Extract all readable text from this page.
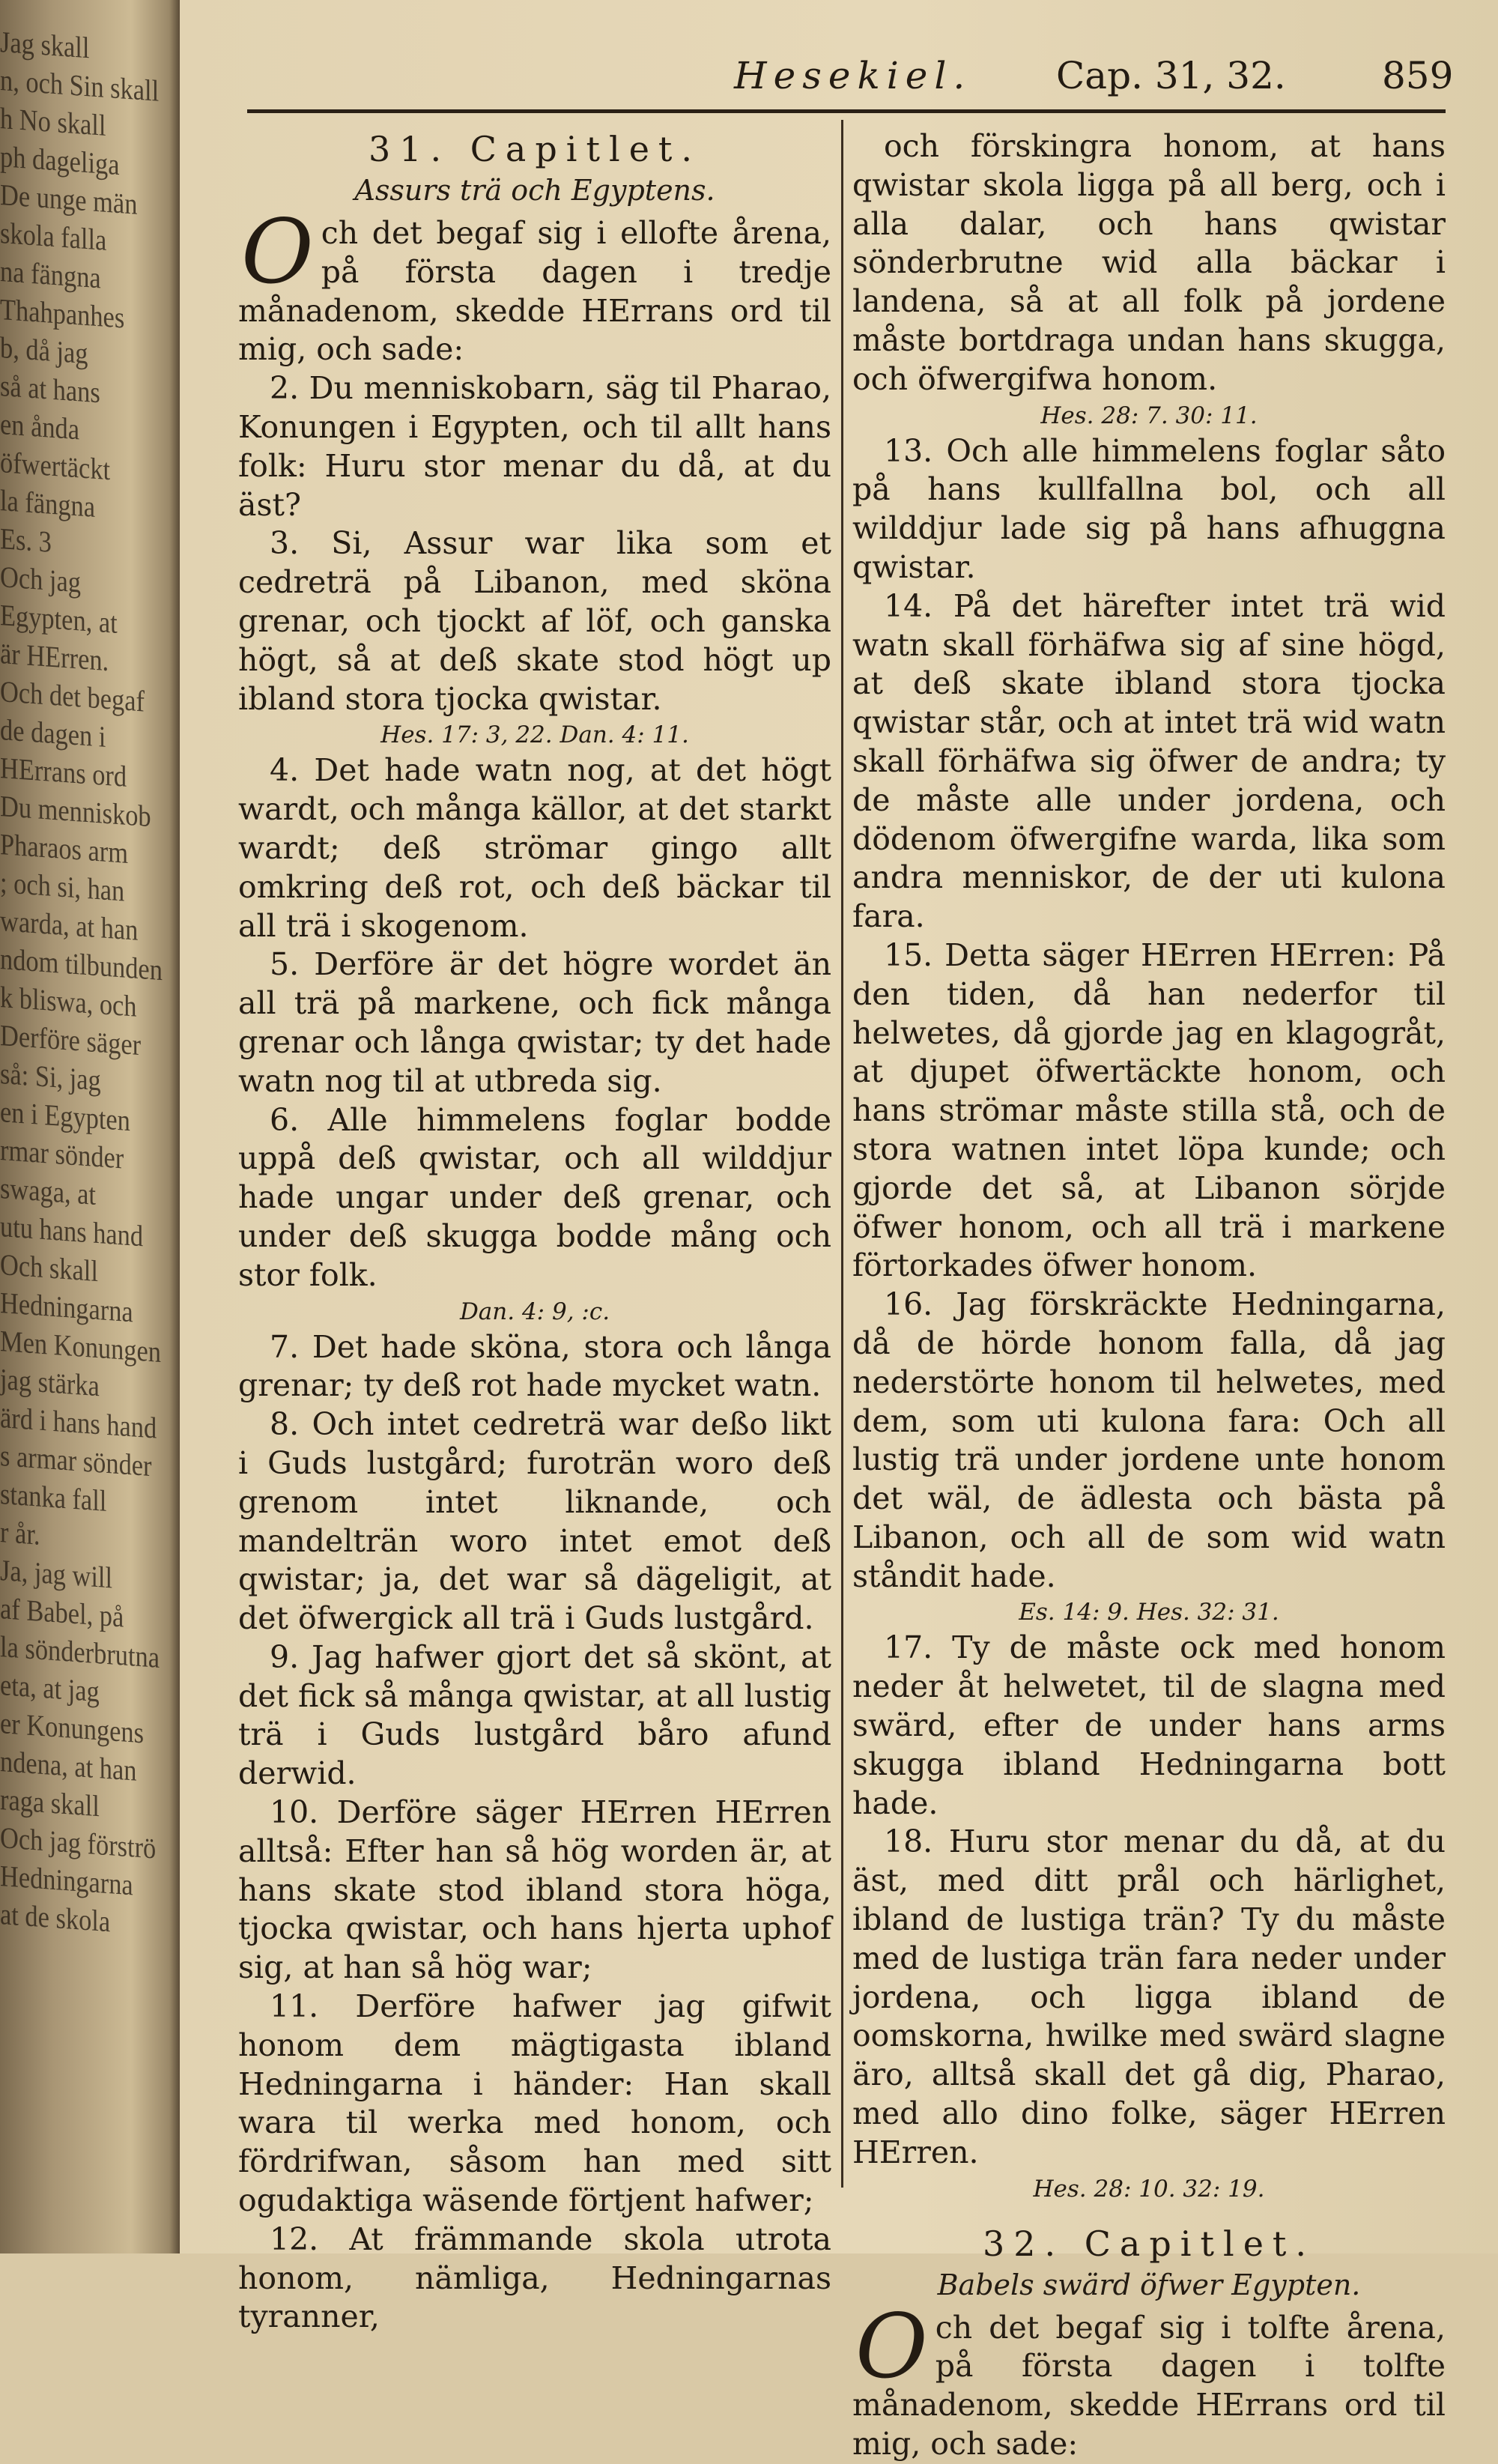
Jag skall
n, och Sin skall
h No skall
ph dageliga
De unge män
skola falla
na fängna
Thahpanhes
b, då jag
så at hans
en ånda
öfwertäckt
la fängna
Es. 3
Och jag
Egypten, at
är HErren.
Och det begaf
de dagen i
HErrans ord
Du menniskob
Pharaos arm
; och si, han
warda, at han
ndom tilbunden
k bliswa, och
Derföre säger
så: Si, jag
en i Egypten
rmar sönder
swaga, at
utu hans hand
Och skall
Hedningarna
Men Konungen
jag stärka
ärd i hans hand
s armar sönder
stanka fall
r år.
Ja, jag will
af Babel, på
la sönderbrutna
eta, at jag
er Konungens
ndena, at han
raga skall
Och jag förströ
Hedningarna
at de skola
Hesekiel. Cap. 31, 32.	859

31. Capitlet.

Assurs trä och Egyptens.

Och det begaf sig i ellofte årena, på första dagen i tredje månadenom, skedde HErrans ord til mig, och sade:

2. Du menniskobarn, säg til Pharao, Konungen i Egypten, och til allt hans folk: Huru stor menar du då, at du äst?

3. Si, Assur war lika som et cedreträ på Libanon, med sköna grenar, och tjockt af löf, och ganska högt, så at deß skate stod högt up ibland stora tjocka qwistar.

Hes. 17: 3, 22. Dan. 4: 11.

4. Det hade watn nog, at det högt wardt, och många källor, at det starkt wardt; deß strömar gingo allt omkring deß rot, och deß bäckar til all trä i skogenom.

5. Derföre är det högre wordet än all trä på markene, och fick många grenar och långa qwistar; ty det hade watn nog til at utbreda sig.

6. Alle himmelens foglar bodde uppå deß qwistar, och all wilddjur hade ungar under deß grenar, och under deß skugga bodde mång och stor folk.

Dan. 4: 9, :c.

7. Det hade sköna, stora och långa grenar; ty deß rot hade mycket watn.

8. Och intet cedreträ war deßo likt i Guds lustgård; furoträn woro deß grenom intet liknande, och mandelträn woro intet emot deß qwistar; ja, det war så dägeligit, at det öfwergick all trä i Guds lustgård.

9. Jag hafwer gjort det så skönt, at det fick så många qwistar, at all lustig trä i Guds lustgård båro afund derwid.

10. Derföre säger HErren HErren alltså: Efter han så hög worden är, at hans skate stod ibland stora höga, tjocka qwistar, och hans hjerta uphof sig, at han så hög war;

11. Derföre hafwer jag gifwit honom dem mägtigasta ibland Hedningarna i händer: Han skall wara til werka med honom, och fördrifwan, såsom han med sitt ogudaktiga wäsende förtjent hafwer;

12. At främmande skola utrota honom, nämliga, Hedningarnas tyranner,

och förskingra honom, at hans qwistar skola ligga på all berg, och i alla dalar, och hans qwistar sönderbrutne wid alla bäckar i landena, så at all folk på jordene måste bortdraga undan hans skugga, och öfwergifwa honom.

Hes. 28: 7. 30: 11.

13. Och alle himmelens foglar såto på hans kullfallna bol, och all wilddjur lade sig på hans afhuggna qwistar.

14. På det härefter intet trä wid watn skall förhäfwa sig af sine högd, at deß skate ibland stora tjocka qwistar står, och at intet trä wid watn skall förhäfwa sig öfwer de andra; ty de måste alle under jordena, och dödenom öfwergifne warda, lika som andra menniskor, de der uti kulona fara.

15. Detta säger HErren HErren: På den tiden, då han nederfor til helwetes, då gjorde jag en klagogråt, at djupet öfwertäckte honom, och hans strömar måste stilla stå, och de stora watnen intet löpa kunde; och gjorde det så, at Libanon sörjde öfwer honom, och all trä i markene förtorkades öfwer honom.

16. Jag förskräckte Hedningarna, då de hörde honom falla, då jag nederstörte honom til helwetes, med dem, som uti kulona fara: Och all lustig trä under jordene unte honom det wäl, de ädlesta och bästa på Libanon, och all de som wid watn ståndit hade.

Es. 14: 9. Hes. 32: 31.

17. Ty de måste ock med honom neder åt helwetet, til de slagna med swärd, efter de under hans arms skugga ibland Hedningarna bott hade.

18. Huru stor menar du då, at du äst, med ditt prål och härlighet, ibland de lustiga trän? Ty du måste med de lustiga trän fara neder under jordena, och ligga ibland de oomskorna, hwilke med swärd slagne äro, alltså skall det gå dig, Pharao, med allo dino folke, säger HErren HErren.

Hes. 28: 10. 32: 19.

32. Capitlet.

Babels swärd öfwer Egypten.

Och det begaf sig i tolfte årena, på första dagen i tolfte månadenom, skedde HErrans ord til mig, och sade:
